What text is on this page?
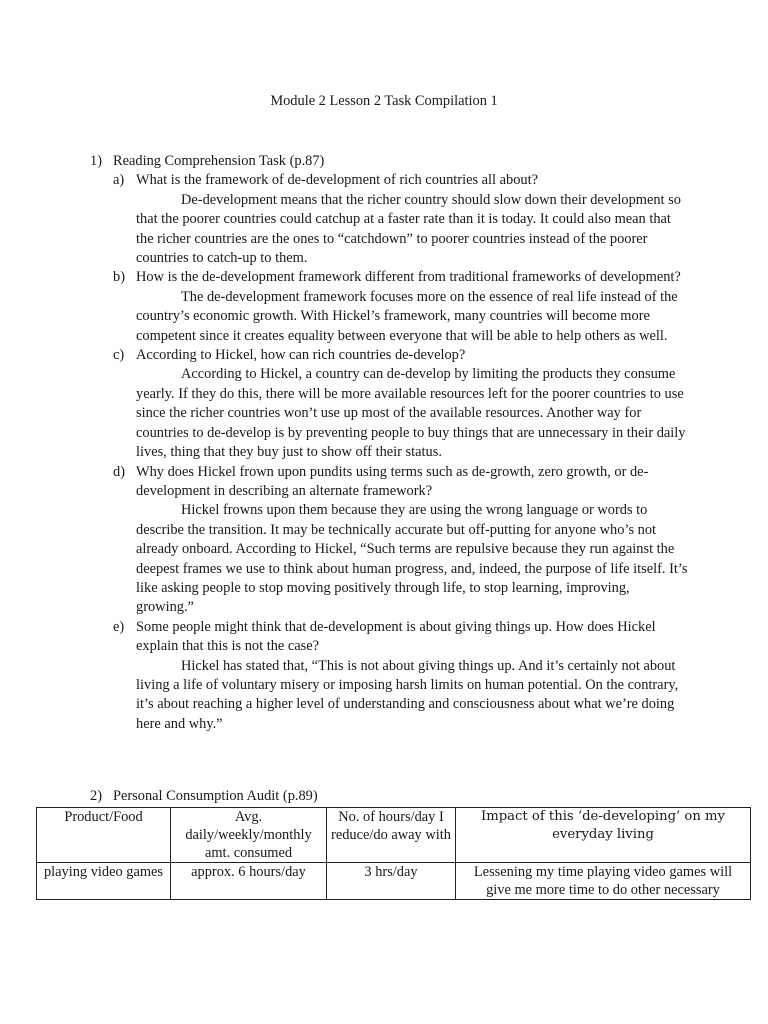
Module 2 Lesson 2 Task Compilation 1
1) Reading Comprehension Task (p.87)
a) What is the framework of de-development of rich countries all about?
De-development means that the richer country should slow down their development so that the poorer countries could catchup at a faster rate than it is today. It could also mean that the richer countries are the ones to “catchdown” to poorer countries instead of the poorer countries to catch-up to them.
b) How is the de-development framework different from traditional frameworks of development?
The de-development framework focuses more on the essence of real life instead of the country’s economic growth. With Hickel’s framework, many countries will become more competent since it creates equality between everyone that will be able to help others as well.
c) According to Hickel, how can rich countries de-develop?
According to Hickel, a country can de-develop by limiting the products they consume yearly. If they do this, there will be more available resources left for the poorer countries to use since the richer countries won’t use up most of the available resources. Another way for countries to de-develop is by preventing people to buy things that are unnecessary in their daily lives, thing that they buy just to show off their status.
d) Why does Hickel frown upon pundits using terms such as de-growth, zero growth, or de-development in describing an alternate framework?
Hickel frowns upon them because they are using the wrong language or words to describe the transition. It may be technically accurate but off-putting for anyone who’s not already onboard. According to Hickel, “Such terms are repulsive because they run against the deepest frames we use to think about human progress, and, indeed, the purpose of life itself. It’s like asking people to stop moving positively through life, to stop learning, improving, growing.”
e) Some people might think that de-development is about giving things up. How does Hickel explain that this is not the case?
Hickel has stated that, “This is not about giving things up. And it’s certainly not about living a life of voluntary misery or imposing harsh limits on human potential. On the contrary, it’s about reaching a higher level of understanding and consciousness about what we’re doing here and why.”
2) Personal Consumption Audit (p.89)
Product/Food	Avg. daily/weekly/monthly amt. consumed	No. of hours/day I reduce/do away with	Impact of this ‘de-developing’ on my everyday living
playing video games	approx. 6 hours/day	3 hrs/day	Lessening my time playing video games will give me more time to do other necessary
